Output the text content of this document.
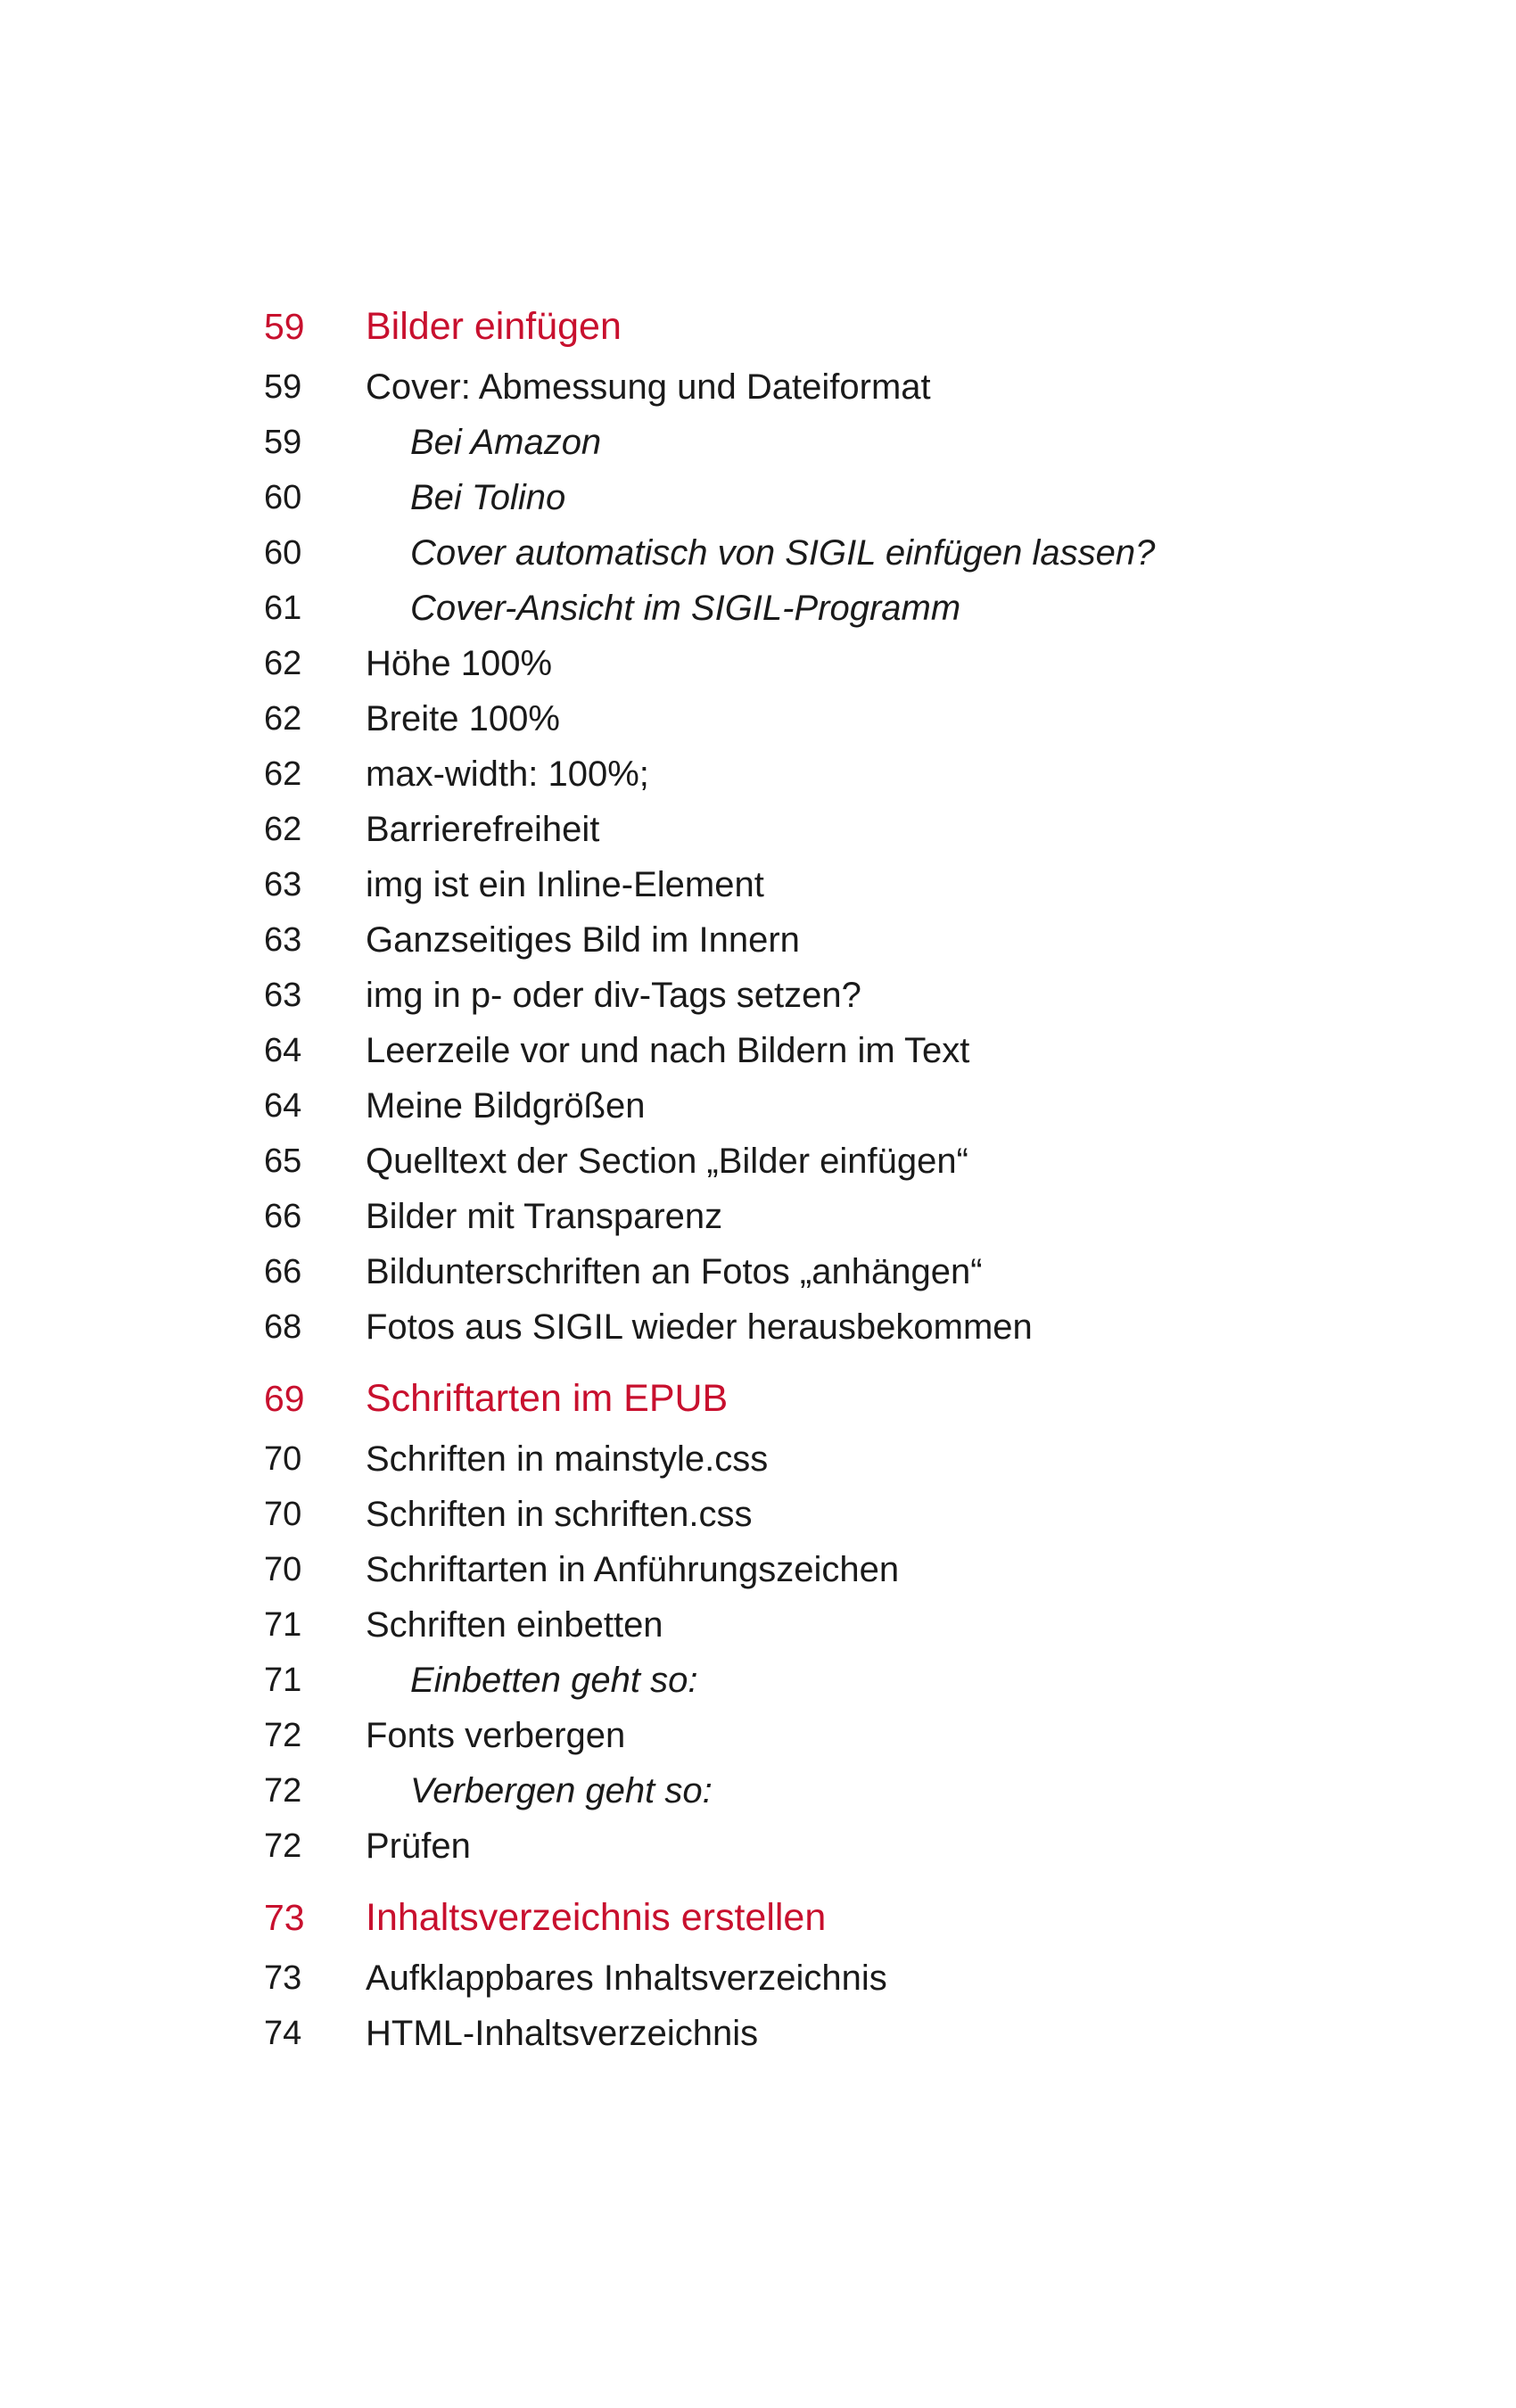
59	Bilder einfügen
59	Cover: Abmessung und Dateiformat
59	Bei Amazon
60	Bei Tolino
60	Cover automatisch von SIGIL einfügen lassen?
61	Cover-Ansicht im SIGIL-Programm
62	Höhe 100%
62	Breite 100%
62	max-width: 100%;
62	Barrierefreiheit
63	img ist ein Inline-Element
63	Ganzseitiges Bild im Innern
63	img in p- oder div-Tags setzen?
64	Leerzeile vor und nach Bildern im Text
64	Meine Bildgrößen
65	Quelltext der Section „Bilder einfügen“
66	Bilder mit Transparenz
66	Bildunterschriften an Fotos „anhängen“
68	Fotos aus SIGIL wieder herausbekommen
69	Schriftarten im EPUB
70	Schriften in mainstyle.css
70	Schriften in schriften.css
70	Schriftarten in Anführungszeichen
71	Schriften einbetten
71	Einbetten geht so:
72	Fonts verbergen
72	Verbergen geht so:
72	Prüfen
73	Inhaltsverzeichnis erstellen
73	Aufklappbares Inhaltsverzeichnis
74	HTML-Inhaltsverzeichnis
